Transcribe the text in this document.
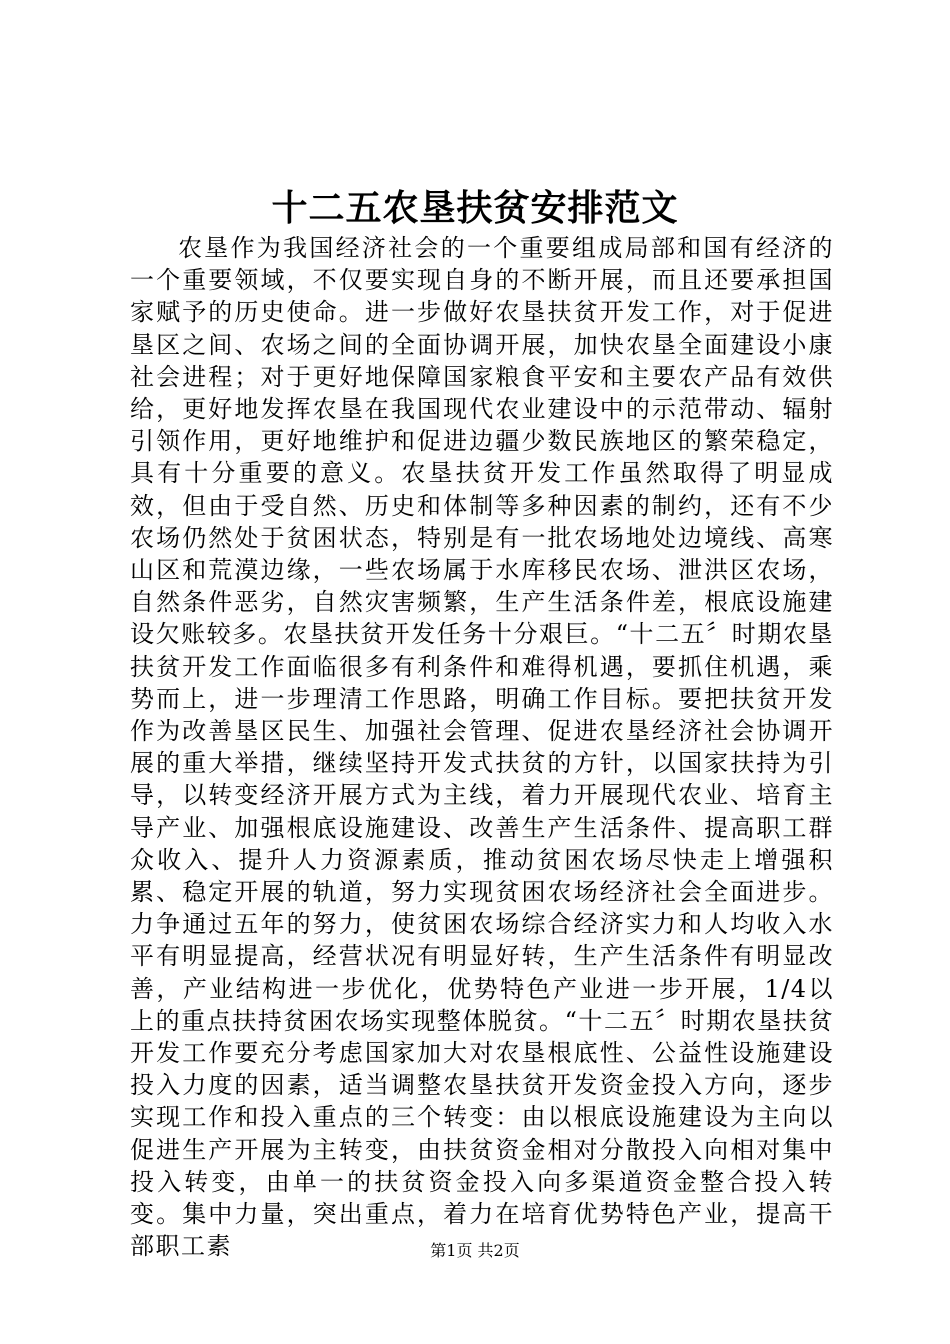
十二五农垦扶贫安排范文

农垦作为我国经济社会的一个重要组成局部和国有经济的一个重要领域，不仅要实现自身的不断开展，而且还要承担国家赋予的历史使命。进一步做好农垦扶贫开发工作，对于促进垦区之间、农场之间的全面协调开展，加快农垦全面建设小康社会进程；对于更好地保障国家粮食平安和主要农产品有效供给，更好地发挥农垦在我国现代农业建设中的示范带动、辐射引领作用，更好地维护和促进边疆少数民族地区的繁荣稳定，具有十分重要的意义。农垦扶贫开发工作虽然取得了明显成效，但由于受自然、历史和体制等多种因素的制约，还有不少农场仍然处于贫困状态，特别是有一批农场地处边境线、高寒山区和荒漠边缘，一些农场属于水库移民农场、泄洪区农场，自然条件恶劣，自然灾害频繁，生产生活条件差，根底设施建设欠账较多。农垦扶贫开发任务十分艰巨。“十二五〞时期农垦扶贫开发工作面临很多有利条件和难得机遇，要抓住机遇，乘势而上，进一步理清工作思路，明确工作目标。要把扶贫开发作为改善垦区民生、加强社会管理、促进农垦经济社会协调开展的重大举措，继续坚持开发式扶贫的方针，以国家扶持为引导，以转变经济开展方式为主线，着力开展现代农业、培育主导产业、加强根底设施建设、改善生产生活条件、提高职工群众收入、提升人力资源素质，推动贫困农场尽快走上增强积累、稳定开展的轨道，努力实现贫困农场经济社会全面进步。力争通过五年的努力，使贫困农场综合经济实力和人均收入水平有明显提高，经营状况有明显好转，生产生活条件有明显改善，产业结构进一步优化，优势特色产业进一步开展，1/4以上的重点扶持贫困农场实现整体脱贫。“十二五〞时期农垦扶贫开发工作要充分考虑国家加大对农垦根底性、公益性设施建设投入力度的因素，适当调整农垦扶贫开发资金投入方向，逐步实现工作和投入重点的三个转变：由以根底设施建设为主向以促进生产开展为主转变，由扶贫资金相对分散投入向相对集中投入转变，由单一的扶贫资金投入向多渠道资金整合投入转变。集中力量，突出重点，着力在培育优势特色产业，提高干部职工素	第1页 共2页
